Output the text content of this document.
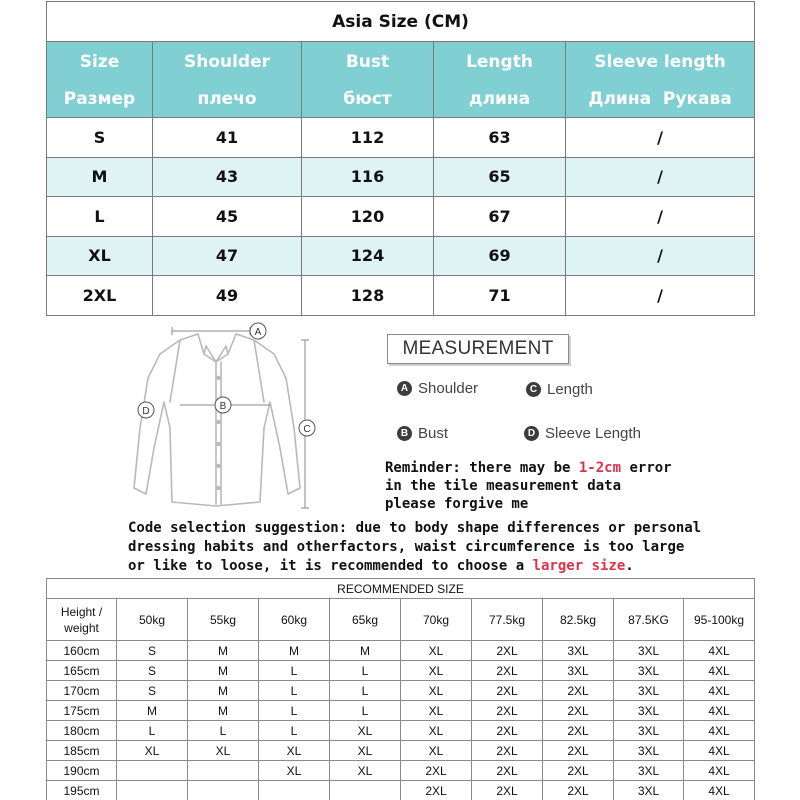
Asia Size (CM)				
Size	Shoulder	Bust	Length	Sleeve length
Размер	плечо	бюст	длина	Длина  Рукава
S	41	112	63	/
M	43	116	65	/
L	45	120	67	/
XL	47	124	69	/
2XL	49	128	71	/
A
B
C
D
MEASUREMENT
A Shoulder	C Length
B Bust	D Sleeve Length
Reminder: there may be 1-2cm error
in the tile measurement data
please forgive me
Code selection suggestion: due to body shape differences or personal
dressing habits and otherfactors, waist circumference is too large
or like to loose, it is recommended to choose a larger size.
RECOMMENDED SIZE									

Height /
weight	50kg	55kg	60kg	65kg	70kg	77.5kg	82.5kg	87.5KG	95-100kg
160cm	S	M	M	M	XL	2XL	3XL	3XL	4XL
165cm	S	M	L	L	XL	2XL	3XL	3XL	4XL
170cm	S	M	L	L	XL	2XL	2XL	3XL	4XL
175cm	M	M	L	L	XL	2XL	2XL	3XL	4XL
180cm	L	L	L	XL	XL	2XL	2XL	3XL	4XL
185cm	XL	XL	XL	XL	XL	2XL	2XL	3XL	4XL
190cm			XL	XL	2XL	2XL	2XL	3XL	4XL
195cm					2XL	2XL	2XL	3XL	4XL
